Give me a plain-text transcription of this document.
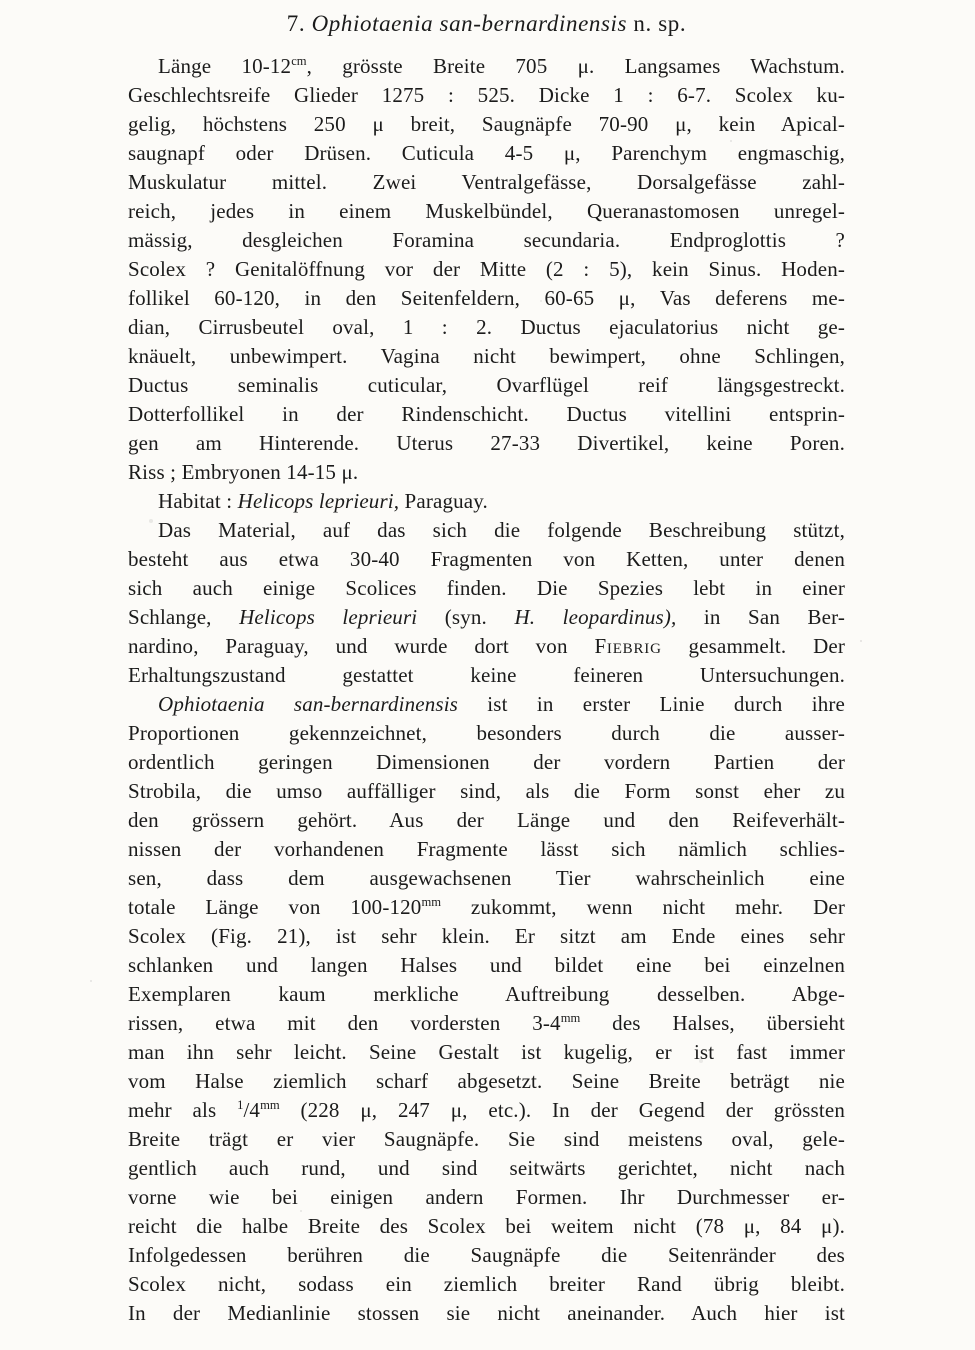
7. Ophiotaenia san-bernardinensis n. sp.
Länge $10-12^{cm}$, grösste Breite 705 μ. Langsames Wachstum.
Geschlechtsreife Glieder 1275 : 525. Dicke 1 : 6-7. Scolex ku-
gelig, höchstens 250 μ breit, Saugnäpfe 70-90 μ, kein Apical-
saugnapf oder Drüsen. Cuticula 4-5 μ, Parenchym engmaschig,
Muskulatur mittel. Zwei Ventralgefässe, Dorsalgefässe zahl-
reich, jedes in einem Muskelbündel, Queranastomosen unregel-
mässig, desgleichen Foramina secundaria. Endproglottis ?
Scolex ? Genitalöffnung vor der Mitte (2 : 5), kein Sinus. Hoden-
follikel 60-120, in den Seitenfeldern, 60-65 μ, Vas deferens me-
dian, Cirrusbeutel oval, 1 : 2. Ductus ejaculatorius nicht ge-
knäuelt, unbewimpert. Vagina nicht bewimpert, ohne Schlingen,
Ductus seminalis cuticular, Ovarflügel reif längsgestreckt.
Dotterfollikel in der Rindenschicht. Ductus vitellini entsprin-
gen am Hinterende. Uterus 27-33 Divertikel, keine Poren.
Riss ; Embryonen 14-15 μ.
Habitat : Helicops leprieuri, Paraguay.
Das Material, auf das sich die folgende Beschreibung stützt,
besteht aus etwa 30-40 Fragmenten von Ketten, unter denen
sich auch einige Scolices finden. Die Spezies lebt in einer
Schlange, Helicops leprieuri (syn. H. leopardinus), in San Ber-
nardino, Paraguay, und wurde dort von Fiebrig gesammelt. Der
Erhaltungszustand gestattet keine feineren Untersuchungen.
Ophiotaenia san-bernardinensis ist in erster Linie durch ihre
Proportionen gekennzeichnet, besonders durch die ausser-
ordentlich geringen Dimensionen der vordern Partien der
Strobila, die umso auffälliger sind, als die Form sonst eher zu
den grössern gehört. Aus der Länge und den Reifeverhält-
nissen der vorhandenen Fragmente lässt sich nämlich schlies-
sen, dass dem ausgewachsenen Tier wahrscheinlich eine
totale Länge von $100-120^{mm}$ zukommt, wenn nicht mehr. Der
Scolex (Fig. 21), ist sehr klein. Er sitzt am Ende eines sehr
schlanken und langen Halses und bildet eine bei einzelnen
Exemplaren kaum merkliche Auftreibung desselben. Abge-
rissen, etwa mit den vordersten $3-4^{mm}$ des Halses, übersieht
man ihn sehr leicht. Seine Gestalt ist kugelig, er ist fast immer
vom Halse ziemlich scharf abgesetzt. Seine Breite beträgt nie
mehr als $^1/4^{mm}$ (228 μ, 247 μ, etc.). In der Gegend der grössten
Breite trägt er vier Saugnäpfe. Sie sind meistens oval, gele-
gentlich auch rund, und sind seitwärts gerichtet, nicht nach
vorne wie bei einigen andern Formen. Ihr Durchmesser er-
reicht die halbe Breite des Scolex bei weitem nicht (78 μ, 84 μ).
Infolgedessen berühren die Saugnäpfe die Seitenränder des
Scolex nicht, sodass ein ziemlich breiter Rand übrig bleibt.
In der Medianlinie stossen sie nicht aneinander. Auch hier ist
